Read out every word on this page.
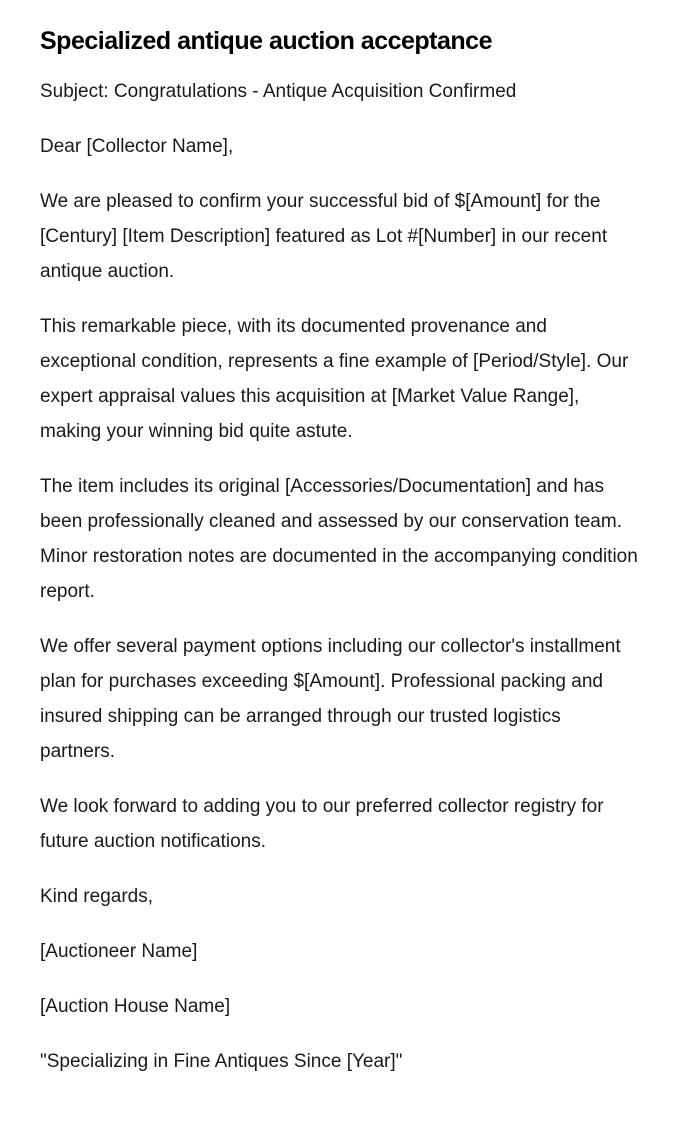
Specialized antique auction acceptance

Subject: Congratulations - Antique Acquisition Confirmed

Dear [Collector Name],

We are pleased to confirm your successful bid of $[Amount] for the [Century] [Item Description] featured as Lot #[Number] in our recent antique auction.

This remarkable piece, with its documented provenance and exceptional condition, represents a fine example of [Period/Style]. Our expert appraisal values this acquisition at [Market Value Range], making your winning bid quite astute.

The item includes its original [Accessories/Documentation] and has been professionally cleaned and assessed by our conservation team. Minor restoration notes are documented in the accompanying condition report.

We offer several payment options including our collector's installment plan for purchases exceeding $[Amount]. Professional packing and insured shipping can be arranged through our trusted logistics partners.

We look forward to adding you to our preferred collector registry for future auction notifications.

Kind regards,

[Auctioneer Name]

[Auction House Name]

"Specializing in Fine Antiques Since [Year]"
